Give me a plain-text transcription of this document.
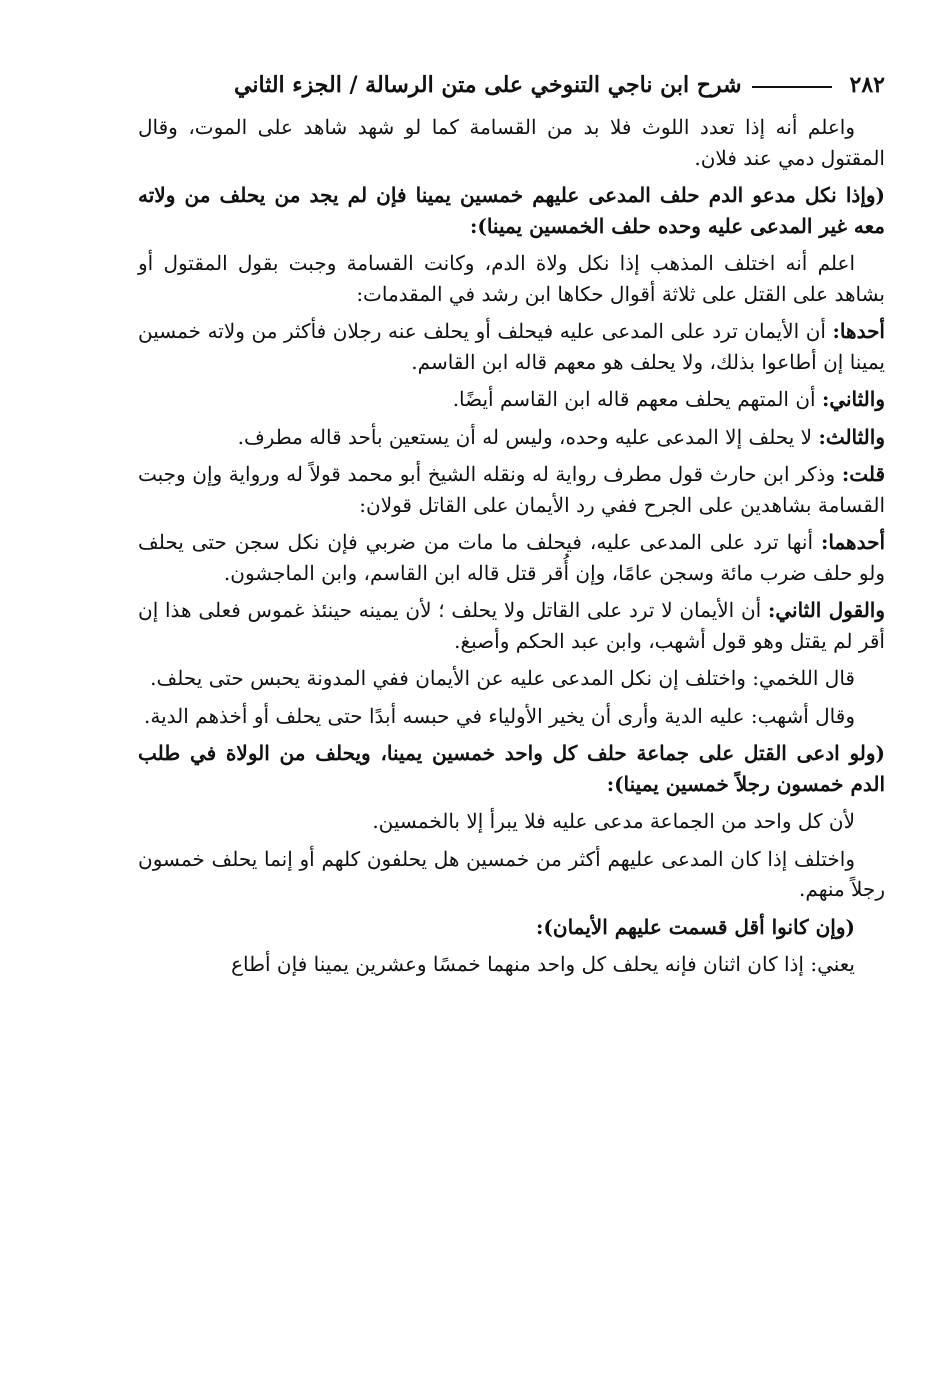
٢٨٢
شرح ابن ناجي التنوخي على متن الرسالة / الجزء الثاني

واعلم أنه إذا تعدد اللوث فلا بد من القسامة كما لو شهد شاهد على الموت، وقال المقتول دمي عند فلان.

(وإذا نكل مدعو الدم حلف المدعى عليهم خمسين يمينا فإن لم يجد من يحلف من ولاته معه غير المدعى عليه وحده حلف الخمسين يمينا):

اعلم أنه اختلف المذهب إذا نكل ولاة الدم، وكانت القسامة وجبت بقول المقتول أو بشاهد على القتل على ثلاثة أقوال حكاها ابن رشد في المقدمات:

أحدها: أن الأيمان ترد على المدعى عليه فيحلف أو يحلف عنه رجلان فأكثر من ولاته خمسين يمينا إن أطاعوا بذلك، ولا يحلف هو معهم قاله ابن القاسم.

والثاني: أن المتهم يحلف معهم قاله ابن القاسم أيضًا.

والثالث: لا يحلف إلا المدعى عليه وحده، وليس له أن يستعين بأحد قاله مطرف.

قلت: وذكر ابن حارث قول مطرف رواية له ونقله الشيخ أبو محمد قولاً له ورواية وإن وجبت القسامة بشاهدين على الجرح ففي رد الأيمان على القاتل قولان:

أحدهما: أنها ترد على المدعى عليه، فيحلف ما مات من ضربي فإن نكل سجن حتى يحلف ولو حلف ضرب مائة وسجن عامًا، وإن أُقر قتل قاله ابن القاسم، وابن الماجشون.

والقول الثاني: أن الأيمان لا ترد على القاتل ولا يحلف ؛ لأن يمينه حينئذ غموس فعلى هذا إن أقر لم يقتل وهو قول أشهب، وابن عبد الحكم وأصبغ.

قال اللخمي: واختلف إن نكل المدعى عليه عن الأيمان ففي المدونة يحبس حتى يحلف.

وقال أشهب: عليه الدية وأرى أن يخير الأولياء في حبسه أبدًا حتى يحلف أو أخذهم الدية.

(ولو ادعى القتل على جماعة حلف كل واحد خمسين يمينا، ويحلف من الولاة في طلب الدم خمسون رجلاً خمسين يمينا):

لأن كل واحد من الجماعة مدعى عليه فلا يبرأ إلا بالخمسين.

واختلف إذا كان المدعى عليهم أكثر من خمسين هل يحلفون كلهم أو إنما يحلف خمسون رجلاً منهم.

(وإن كانوا أقل قسمت عليهم الأيمان):

يعني: إذا كان اثنان فإنه يحلف كل واحد منهما خمسًا وعشرين يمينا فإن أطاع
